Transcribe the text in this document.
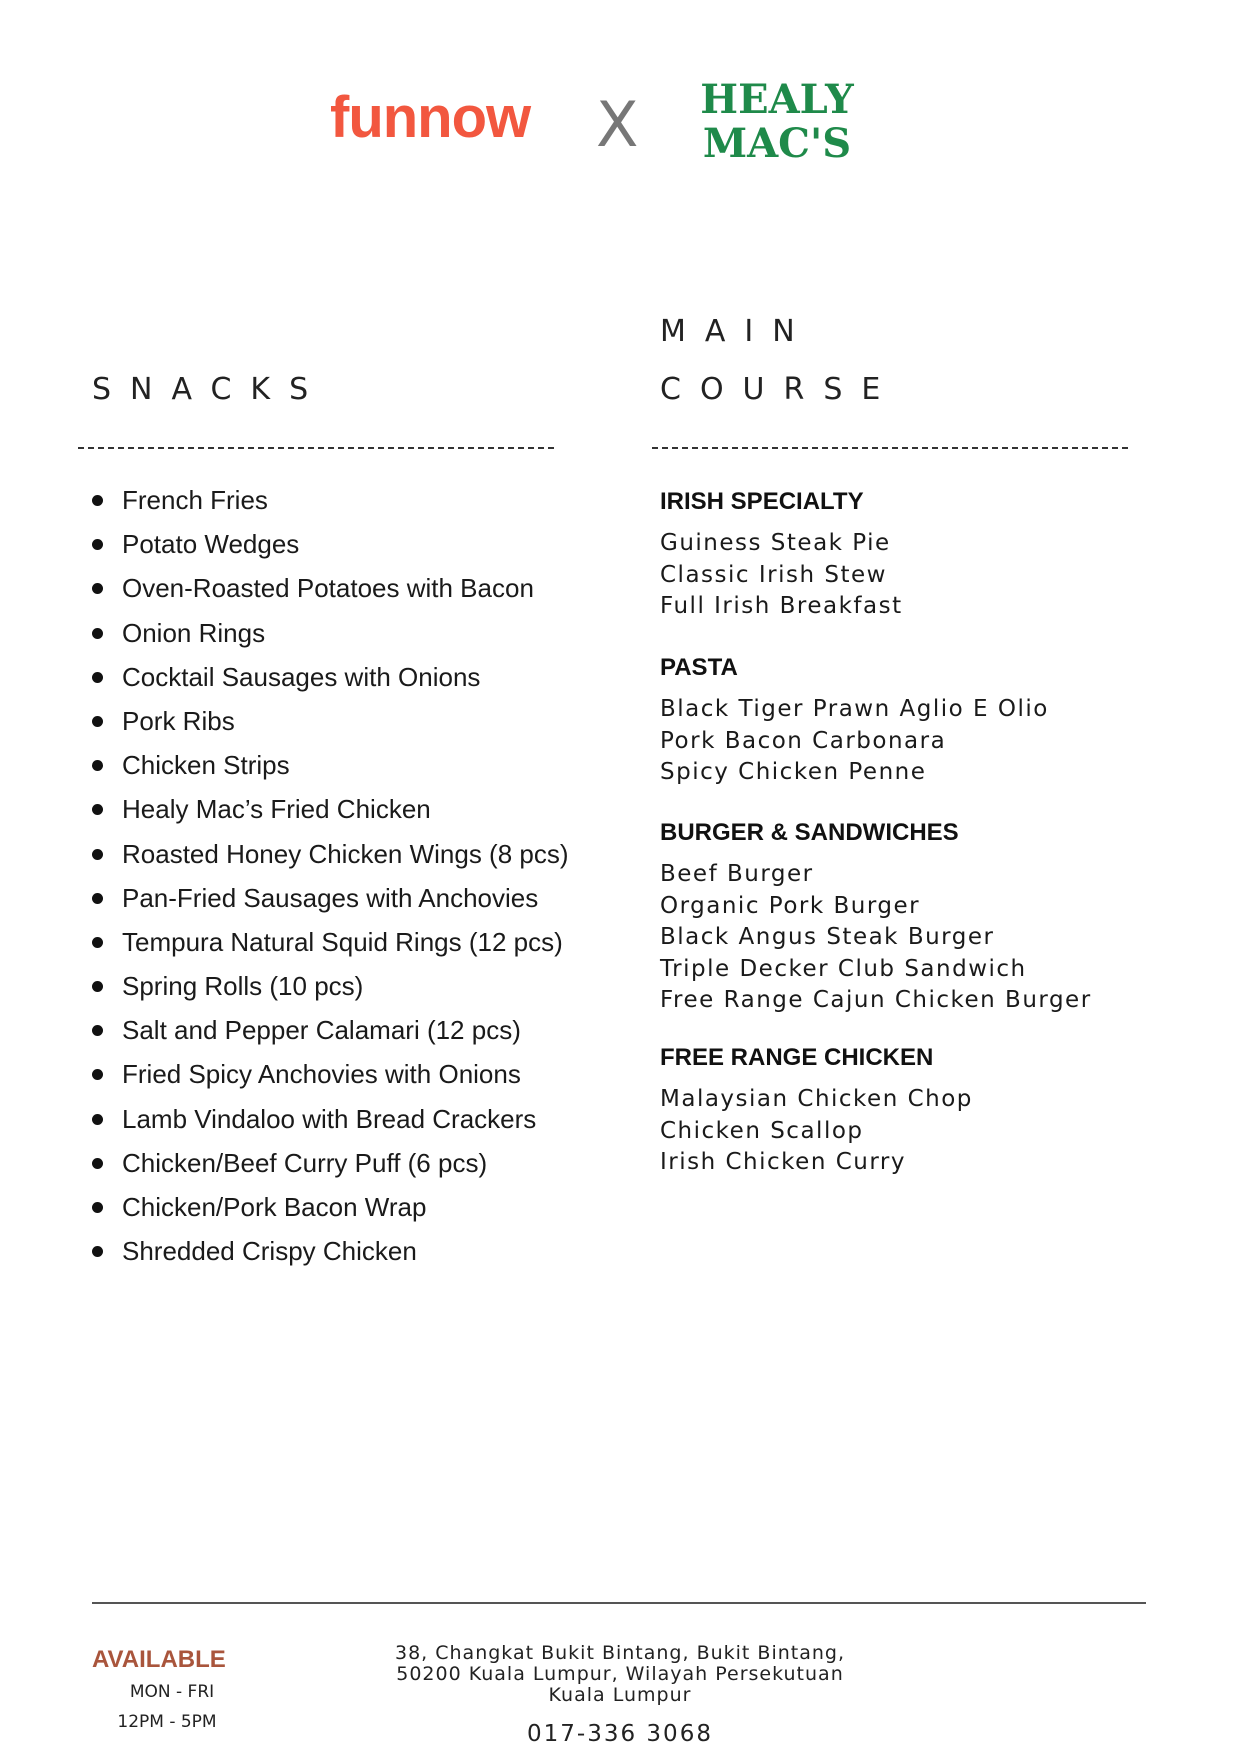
funnow X HEALY
MAC'S
SNACKS
MAIN
COURSE
French Fries
Potato Wedges
Oven-Roasted Potatoes with Bacon
Onion Rings
Cocktail Sausages with Onions
Pork Ribs
Chicken Strips
Healy Mac’s Fried Chicken
Roasted Honey Chicken Wings (8 pcs)
Pan-Fried Sausages with Anchovies
Tempura Natural Squid Rings (12 pcs)
Spring Rolls (10 pcs)
Salt and Pepper Calamari (12 pcs)
Fried Spicy Anchovies with Onions
Lamb Vindaloo with Bread Crackers
Chicken/Beef Curry Puff (6 pcs)
Chicken/Pork Bacon Wrap
Shredded Crispy Chicken
IRISH SPECIALTY
Guiness Steak Pie
Classic Irish Stew
Full Irish Breakfast
PASTA
Black Tiger Prawn Aglio E Olio
Pork Bacon Carbonara
Spicy Chicken Penne
BURGER & SANDWICHES
Beef Burger
Organic Pork Burger
Black Angus Steak Burger
Triple Decker Club Sandwich
Free Range Cajun Chicken Burger
FREE RANGE CHICKEN
Malaysian Chicken Chop
Chicken Scallop
Irish Chicken Curry
AVAILABLE
MON - FRI
12PM - 5PM
38, Changkat Bukit Bintang, Bukit Bintang,
50200 Kuala Lumpur, Wilayah Persekutuan
Kuala Lumpur
017-336 3068
